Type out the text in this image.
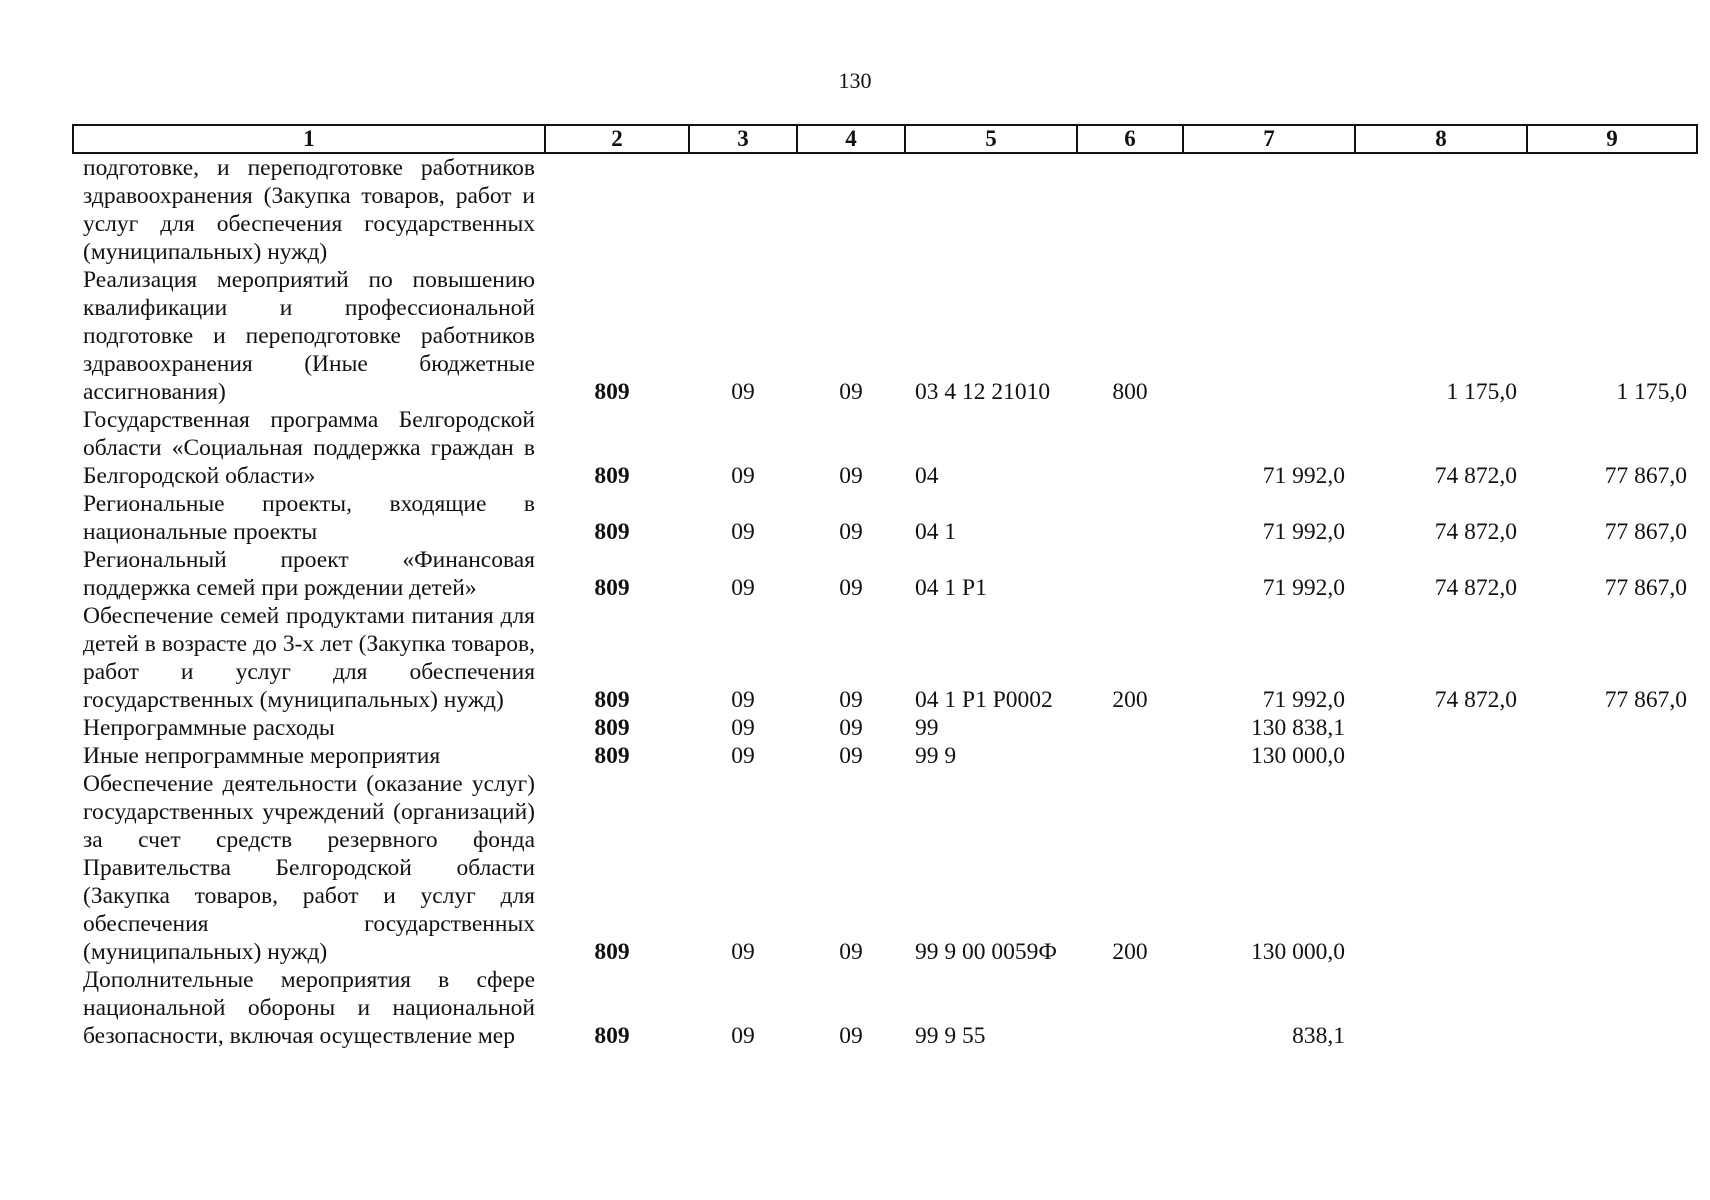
130
1	2	3	4	5	6	7	8	9
подготовке, и переподготовке работников здравоохранения (Закупка товаров, работ и услуг для обеспечения государственных (муниципальных) нужд)								
Реализация мероприятий по повышению квалификации и профессиональной подготовке и переподготовке работников здравоохранения (Иные бюджетные ассигнования)	809	09	09	03 4 12 21010	800		1 175,0	1 175,0
Государственная программа Белгородской области «Социальная поддержка граждан в Белгородской области»	809	09	09	04		71 992,0	74 872,0	77 867,0
Региональные проекты, входящие в национальные проекты	809	09	09	04 1		71 992,0	74 872,0	77 867,0
Региональный проект «Финансовая поддержка семей при рождении детей»	809	09	09	04 1 Р1		71 992,0	74 872,0	77 867,0
Обеспечение семей продуктами питания для детей в возрасте до 3-х лет (Закупка товаров, работ и услуг для обеспечения государственных (муниципальных) нужд)	809	09	09	04 1 Р1 Р0002	200	71 992,0	74 872,0	77 867,0
Непрограммные расходы	809	09	09	99		130 838,1		
Иные непрограммные мероприятия	809	09	09	99 9		130 000,0		
Обеспечение деятельности (оказание услуг) государственных учреждений (организаций) за счет средств резервного фонда Правительства Белгородской области (Закупка товаров, работ и услуг для обеспечения государственных (муниципальных) нужд)	809	09	09	99 9 00 0059Ф	200	130 000,0		
Дополнительные мероприятия в сфере национальной обороны и национальной безопасности, включая осуществление мер	809	09	09	99 9 55		838,1		
